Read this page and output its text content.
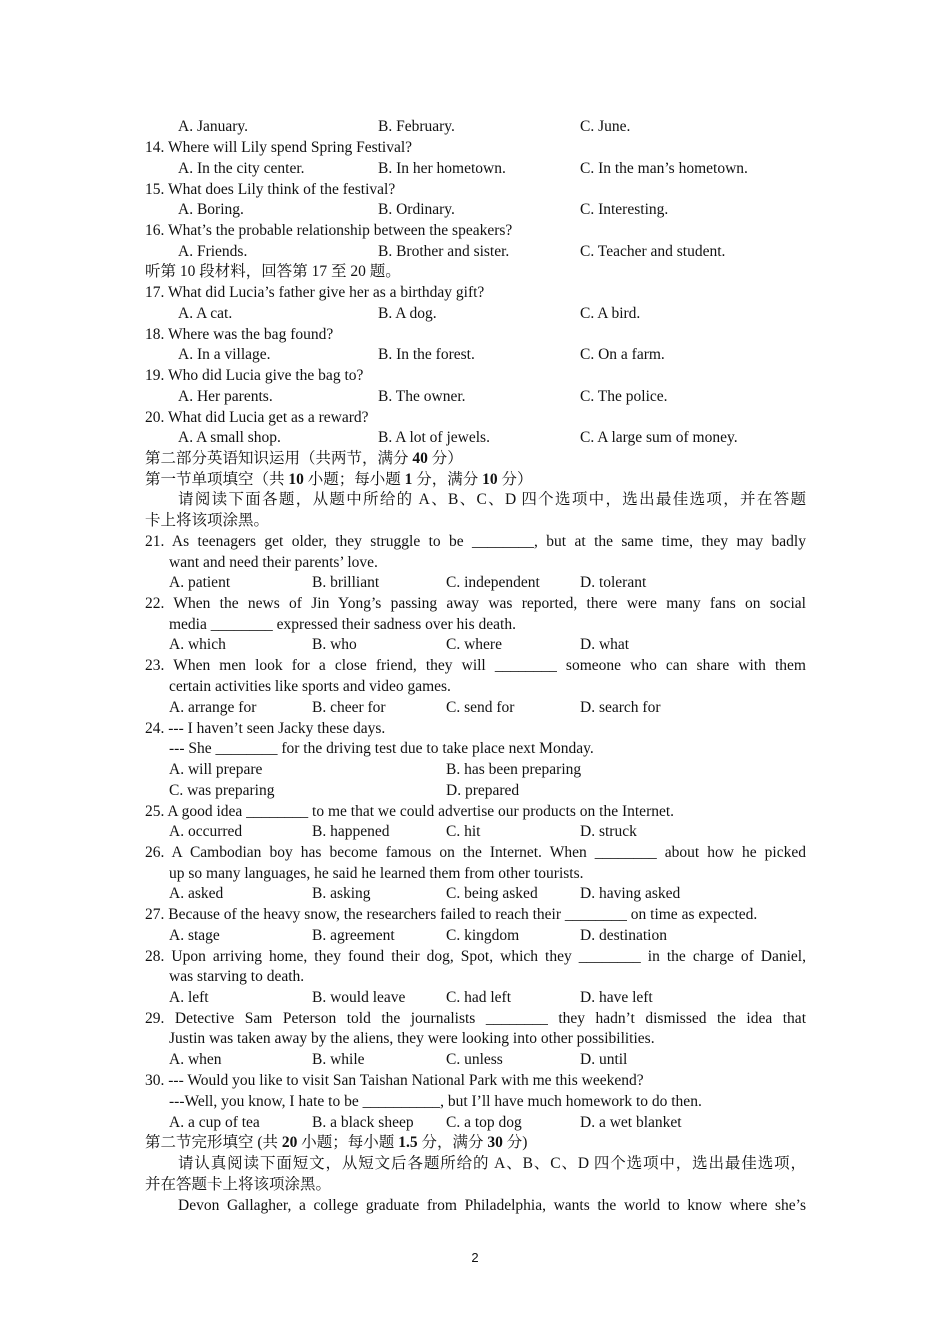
A. January.	B. February.	C. June.
14. Where will Lily spend Spring Festival?
A. In the city center.	B. In her hometown.	C. In the man’s hometown.
15. What does Lily think of the festival?
A. Boring.	B. Ordinary.	C. Interesting.
16. What’s the probable relationship between the speakers?
A. Friends.	B. Brother and sister.	C. Teacher and student.
听第 10 段材料，回答第 17 至 20 题。
17. What did Lucia’s father give her as a birthday gift?
A. A cat.	B. A dog.	C. A bird.
18. Where was the bag found?
A. In a village.	B. In the forest.	C. On a farm.
19. Who did Lucia give the bag to?
A. Her parents.	B. The owner.	C. The police.
20. What did Lucia get as a reward?
A. A small shop.	B. A lot of jewels.	C. A large sum of money.
第二部分英语知识运用（共两节，满分 40 分）
第一节单项填空（共 10 小题；每小题 1 分，满分 10 分）
请阅读下面各题，从题中所给的 A、B、C、D 四个选项中，选出最佳选项，并在答题
卡上将该项涂黑。
21. As teenagers get older, they struggle to be ________, but at the same time, they may badly
want and need their parents’ love.
A. patient	B. brilliant	C. independent	D. tolerant
22. When the news of Jin Yong’s passing away was reported, there were many fans on social
media ________ expressed their sadness over his death.
A. which	B. who	C. where	D. what
23. When men look for a close friend, they will ________ someone who can share with them
certain activities like sports and video games.
A. arrange for	B. cheer for	C. send for	D. search for
24. --- I haven’t seen Jacky these days.
--- She ________ for the driving test due to take place next Monday.
A. will prepare	B. has been preparing
C. was preparing	D. prepared
25. A good idea ________ to me that we could advertise our products on the Internet.
A. occurred	B. happened	C. hit	D. struck
26. A Cambodian boy has become famous on the Internet. When ________ about how he picked
up so many languages, he said he learned them from other tourists.
A. asked	B. asking	C. being asked	D. having asked
27. Because of the heavy snow, the researchers failed to reach their ________ on time as expected.
A. stage	B. agreement	C. kingdom	D. destination
28. Upon arriving home, they found their dog, Spot, which they ________ in the charge of Daniel,
was starving to death.
A. left	B. would leave	C. had left	D. have left
29. Detective Sam Peterson told the journalists ________ they hadn’t dismissed the idea that
Justin was taken away by the aliens, they were looking into other possibilities.
A. when	B. while	C. unless	D. until
30. --- Would you like to visit San Taishan National Park with me this weekend?
---Well, you know, I hate to be __________, but I’ll have much homework to do then.
A. a cup of tea	B. a black sheep C. a top dog	D. a wet blanket
第二节完形填空 (共 20 小题；每小题 1.5 分，满分 30 分)
请认真阅读下面短文，从短文后各题所给的 A、B、C、D 四个选项中，选出最佳选项，
并在答题卡上将该项涂黑。
Devon Gallagher, a college graduate from Philadelphia, wants the world to know where she’s
2
